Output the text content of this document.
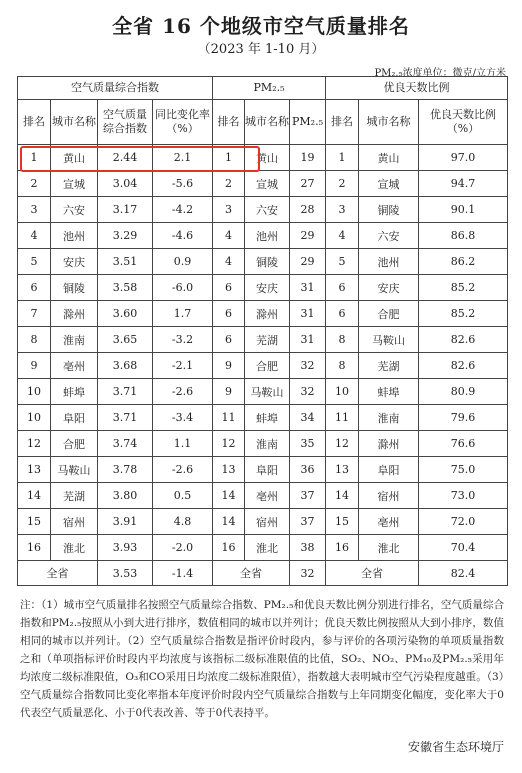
全省 16 个地级市空气质量排名
（2023 年 1-10 月）
PM₂.₅浓度单位：微克/立方米
空气质量综合指数				PM₂.₅			优良天数比例		
排名	城市名称	空气质量综合指数	同比变化率（%）	排名	城市名称	PM₂.₅	排名	城市名称	优良天数比例（%）
1	黄山	2.44	2.1	1	黄山	19	1	黄山	97.0
2	宣城	3.04	-5.6	2	宣城	27	2	宣城	94.7
3	六安	3.17	-4.2	3	六安	28	3	铜陵	90.1
4	池州	3.29	-4.6	4	池州	29	4	六安	86.8
5	安庆	3.51	0.9	4	铜陵	29	5	池州	86.2
6	铜陵	3.58	-6.0	6	安庆	31	6	安庆	85.2
7	滁州	3.60	1.7	6	滁州	31	6	合肥	85.2
8	淮南	3.65	-3.2	6	芜湖	31	8	马鞍山	82.6
9	亳州	3.68	-2.1	9	合肥	32	8	芜湖	82.6
10	蚌埠	3.71	-2.6	9	马鞍山	32	10	蚌埠	80.9
10	阜阳	3.71	-3.4	11	蚌埠	34	11	淮南	79.6
12	合肥	3.74	1.1	12	淮南	35	12	滁州	76.6
13	马鞍山	3.78	-2.6	13	阜阳	36	13	阜阳	75.0
14	芜湖	3.80	0.5	14	亳州	37	14	宿州	73.0
15	宿州	3.91	4.8	14	宿州	37	15	亳州	72.0
16	淮北	3.93	-2.0	16	淮北	38	16	淮北	70.4
全省		3.53	-1.4	全省		32	全省		82.4
注：（1）城市空气质量排名按照空气质量综合指数、PM₂.₅和优良天数比例分别进行排名，空气质量综合指数和PM₂.₅按照从小到大进行排序，数值相同的城市以并列计；优良天数比例按照从大到小排序，数值相同的城市以并列计。（2）空气质量综合指数是指评价时段内，参与评价的各项污染物的单项质量指数之和（单项指标评价时段内平均浓度与该指标二级标准限值的比值，SO₂、NO₂、PM₁₀及PM₂.₅采用年均浓度二级标准限值，O₃和CO采用日均浓度二级标准限值），指数越大表明城市空气污染程度越重。（3）空气质量综合指数同比变化率指本年度评价时段内空气质量综合指数与上年同期变化幅度，变化率大于0代表空气质量恶化、小于0代表改善、等于0代表持平。
安徽省生态环境厅
